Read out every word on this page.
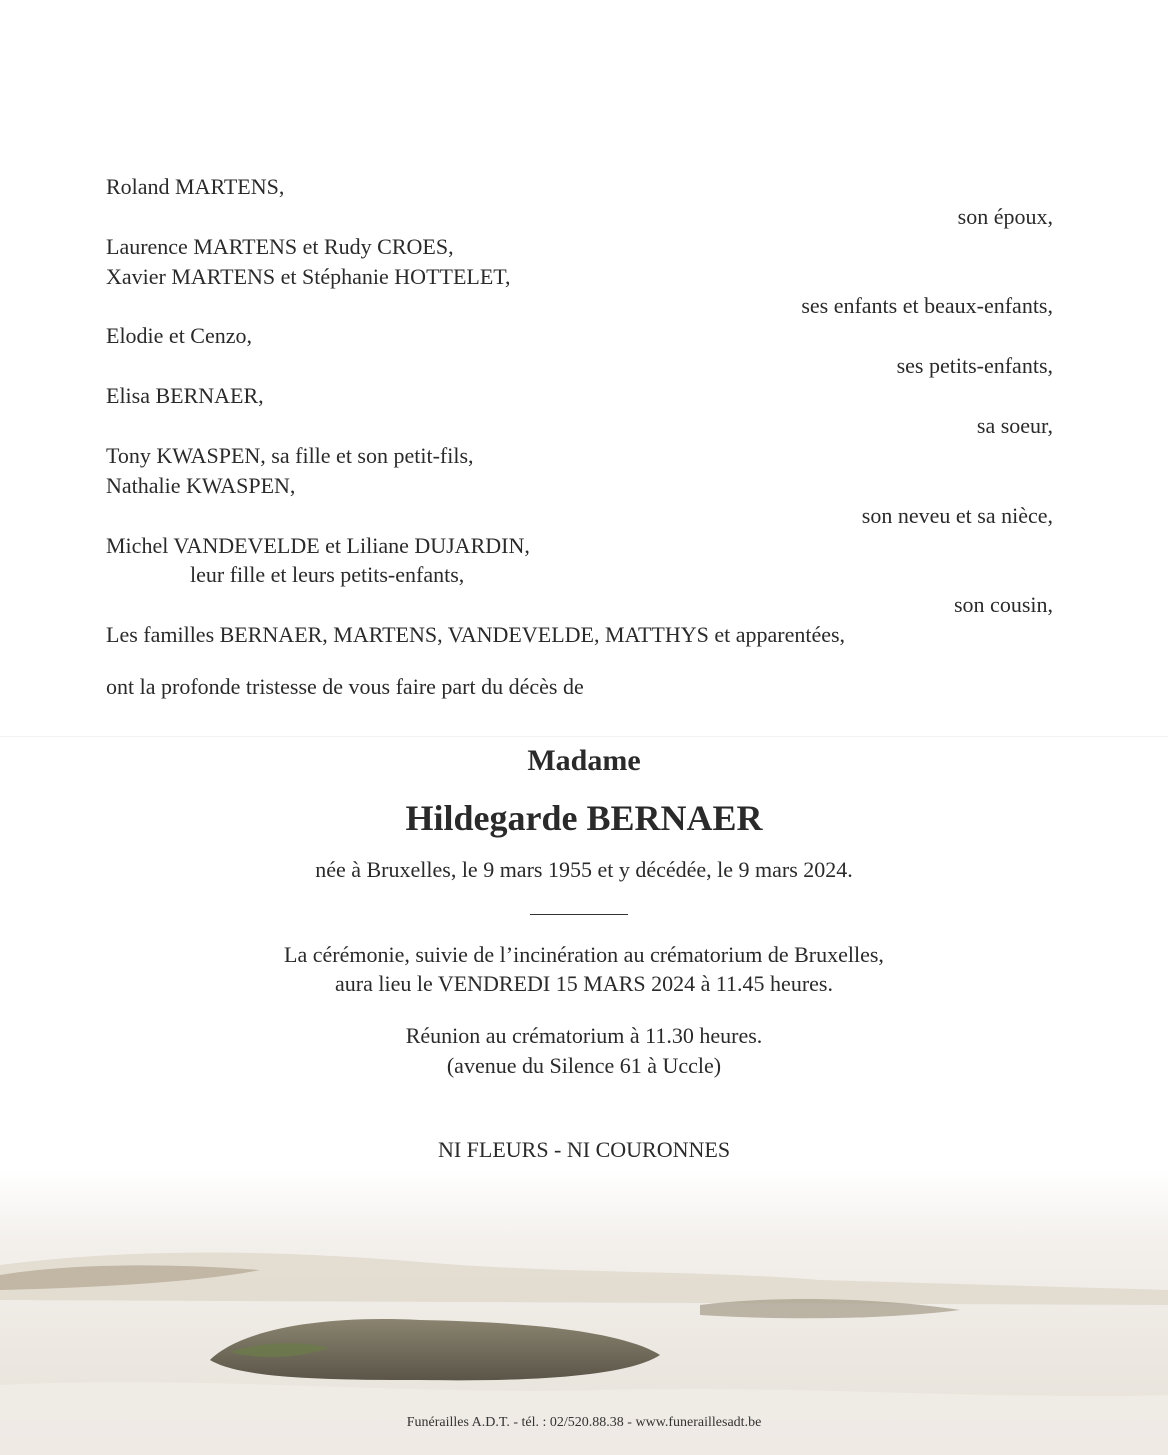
Roland MARTENS,
son époux,
Laurence MARTENS et Rudy CROES,
Xavier MARTENS et Stéphanie HOTTELET,
ses enfants et beaux-enfants,
Elodie et Cenzo,
ses petits-enfants,
Elisa BERNAER,
sa soeur,
Tony KWASPEN, sa fille et son petit-fils,
Nathalie KWASPEN,
son neveu et sa nièce,
Michel VANDEVELDE et Liliane DUJARDIN,
leur fille et leurs petits-enfants,
son cousin,
Les familles BERNAER, MARTENS, VANDEVELDE, MATTHYS et apparentées,
ont la profonde tristesse de vous faire part du décès de
Madame
Hildegarde BERNAER
née à Bruxelles, le 9 mars 1955 et y décédée, le 9 mars 2024.
La cérémonie, suivie de l’incinération au crématorium de Bruxelles,
aura lieu le VENDREDI 15 MARS 2024 à 11.45 heures.
Réunion au crématorium à 11.30 heures.
(avenue du Silence 61 à Uccle)
NI FLEURS - NI COURONNES
Funérailles A.D.T. - tél. : 02/520.88.38 - www.funeraillesadt.be
